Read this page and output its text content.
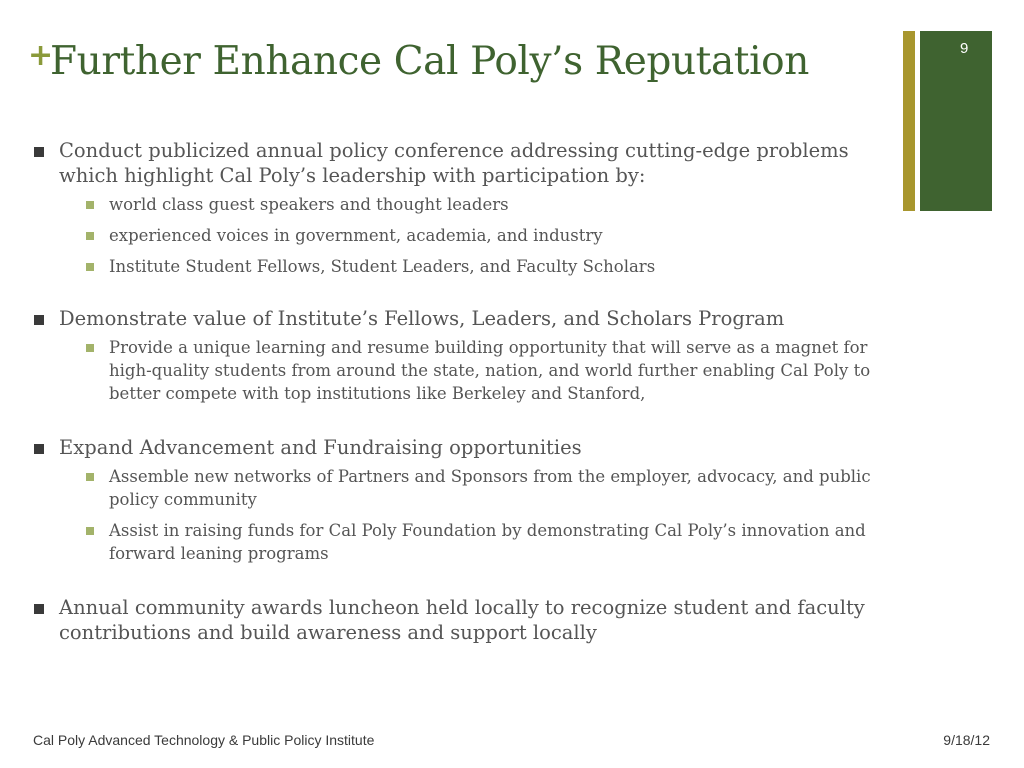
9
+
Further Enhance Cal Poly’s Reputation
Conduct publicized annual policy conference addressing cutting-edge problems which highlight Cal Poly’s leadership with participation by:
world class guest speakers and thought leaders
experienced voices in government, academia, and industry
Institute Student Fellows, Student Leaders, and Faculty Scholars
Demonstrate value of Institute’s Fellows, Leaders, and Scholars Program
Provide a unique learning and resume building opportunity that will serve as a magnet for high-quality students from around the state, nation, and world further enabling Cal Poly to better compete with top institutions like Berkeley and Stanford,
Expand Advancement and Fundraising opportunities
Assemble new networks of Partners and Sponsors from the employer, advocacy, and public policy community
Assist in raising funds for Cal Poly Foundation by demonstrating Cal Poly’s innovation and forward leaning programs
Annual community awards luncheon held locally to recognize student and faculty contributions and build awareness and support locally
Cal Poly Advanced Technology & Public Policy Institute	9/18/12
